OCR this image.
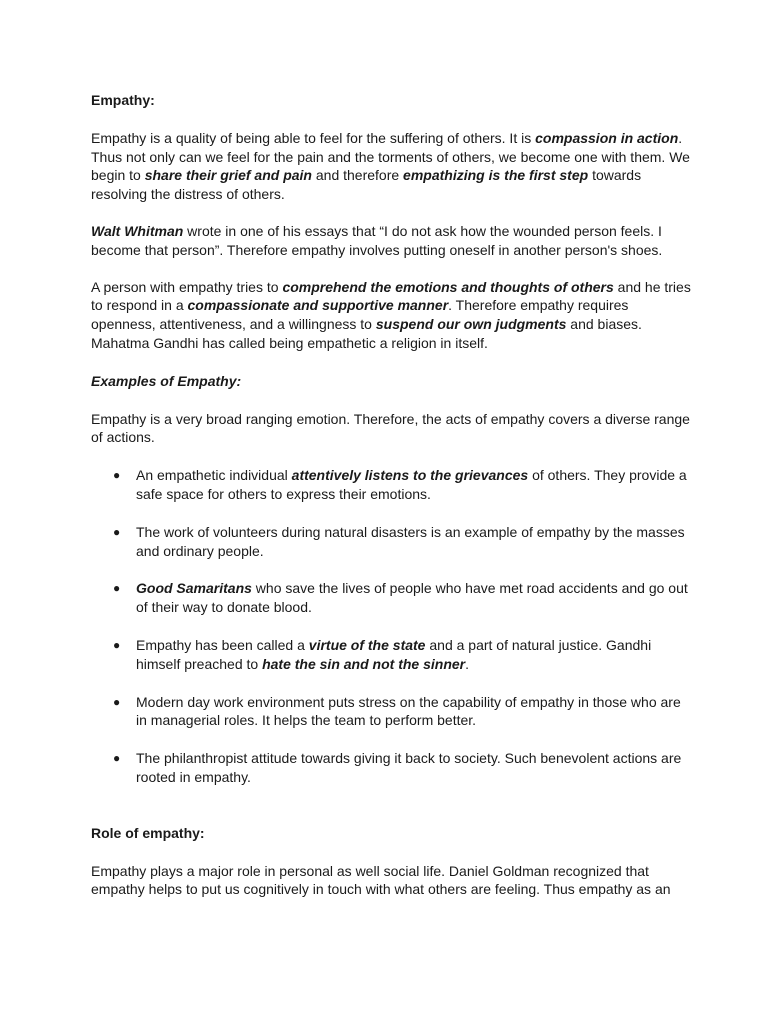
Empathy:

Empathy is a quality of being able to feel for the suffering of others. It is compassion in action. Thus not only can we feel for the pain and the torments of others, we become one with them. We begin to share their grief and pain and therefore empathizing is the first step towards resolving the distress of others.

Walt Whitman wrote in one of his essays that “I do not ask how the wounded person feels. I become that person”. Therefore empathy involves putting oneself in another person's shoes.

A person with empathy tries to comprehend the emotions and thoughts of others and he tries to respond in a compassionate and supportive manner. Therefore empathy requires openness, attentiveness, and a willingness to suspend our own judgments and biases. Mahatma Gandhi has called being empathetic a religion in itself.

Examples of Empathy:

Empathy is a very broad ranging emotion. Therefore, the acts of empathy covers a diverse range of actions.

● An empathetic individual attentively listens to the grievances of others. They provide a safe space for others to express their emotions.
● The work of volunteers during natural disasters is an example of empathy by the masses and ordinary people.
● Good Samaritans who save the lives of people who have met road accidents and go out of their way to donate blood.
● Empathy has been called a virtue of the state and a part of natural justice. Gandhi himself preached to hate the sin and not the sinner.
● Modern day work environment puts stress on the capability of empathy in those who are in managerial roles. It helps the team to perform better.
● The philanthropist attitude towards giving it back to society. Such benevolent actions are rooted in empathy.
Role of empathy:

Empathy plays a major role in personal as well social life. Daniel Goldman recognized that empathy helps to put us cognitively in touch with what others are feeling. Thus empathy as an
